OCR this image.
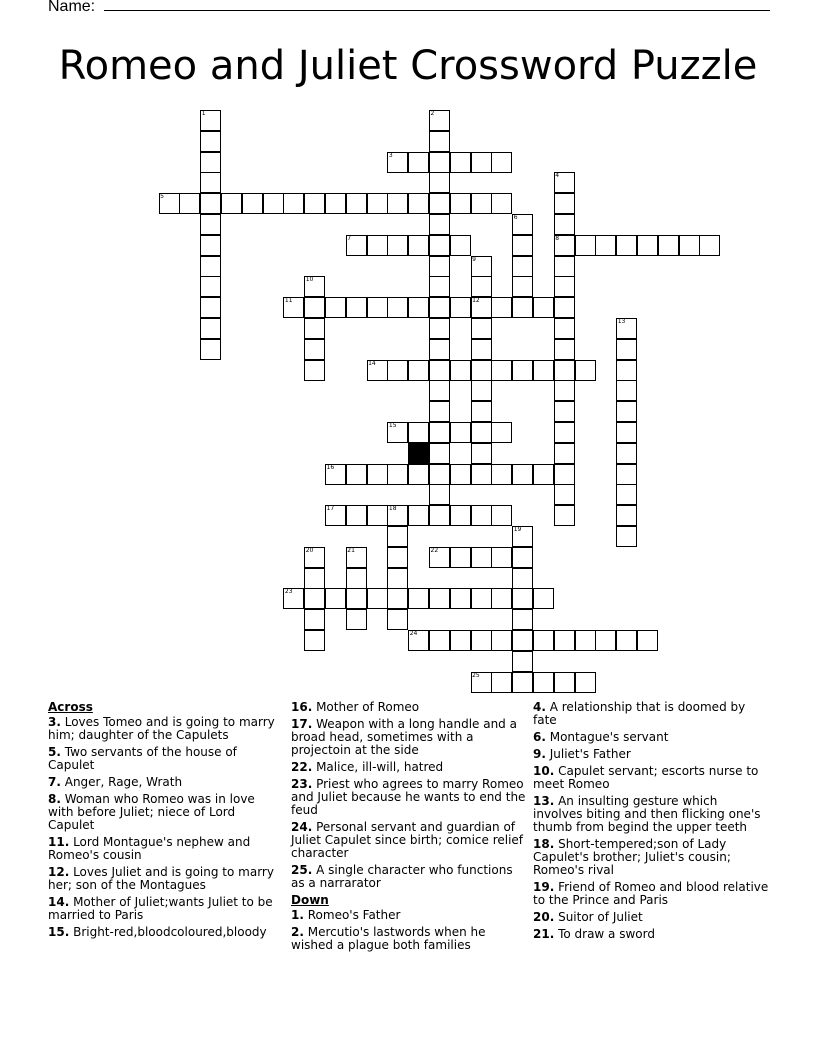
Name:
Romeo and Juliet Crossword Puzzle
1	2
3
4
5
6
7	8
9
10
11	12
13
14
15
16
17	18
19
20	21	22
23
24
25

Across

3. Loves Tomeo and is going to marry him; daughter of the Capulets

5. Two servants of the house of Capulet

7. Anger, Rage, Wrath

8. Woman who Romeo was in love with before Juliet; niece of Lord Capulet

11. Lord Montague's nephew and Romeo's cousin

12. Loves Juliet and is going to marry her; son of the Montagues

14. Mother of Juliet;wants Juliet to be married to Paris

15. Bright-red,bloodcoloured,bloody

16. Mother of Romeo

17. Weapon with a long handle and a broad head, sometimes with a projectoin at the side

22. Malice, ill-will, hatred

23. Priest who agrees to marry Romeo and Juliet because he wants to end the feud

24. Personal servant and guardian of Juliet Capulet since birth; comice relief character

25. A single character who functions as a narrarator

Down

1. Romeo's Father

2. Mercutio's lastwords when he wished a plague both families

4. A relationship that is doomed by fate

6. Montague's servant

9. Juliet's Father

10. Capulet servant; escorts nurse to meet Romeo

13. An insulting gesture which involves biting and then flicking one's thumb from begind the upper teeth

18. Short-tempered;son of Lady Capulet's brother; Juliet's cousin; Romeo's rival

19. Friend of Romeo and blood relative to the Prince and Paris

20. Suitor of Juliet

21. To draw a sword
